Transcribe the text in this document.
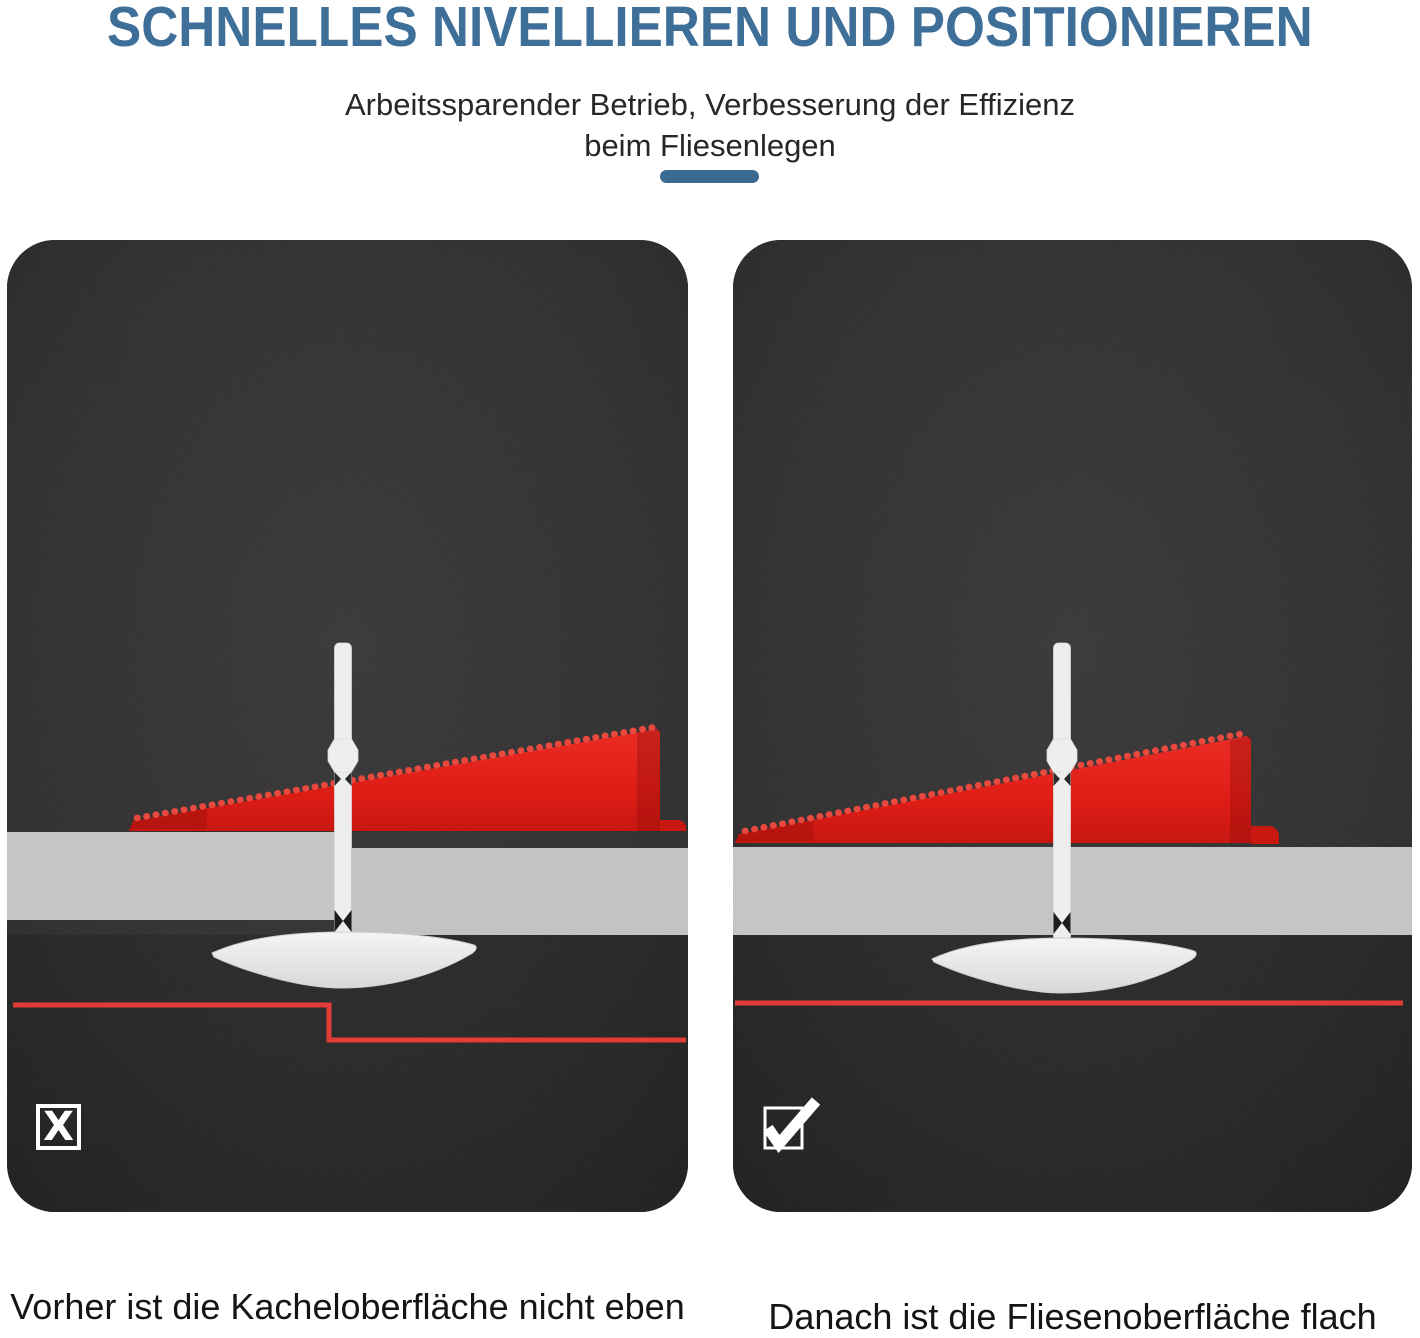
SCHNELLES NIVELLIEREN UND POSITIONIEREN

Arbeitssparender Betrieb, Verbesserung der Effizienz
beim Fliesenlegen

X

Vorher ist die Kacheloberfläche nicht eben	Danach ist die Fliesenoberfläche flach
